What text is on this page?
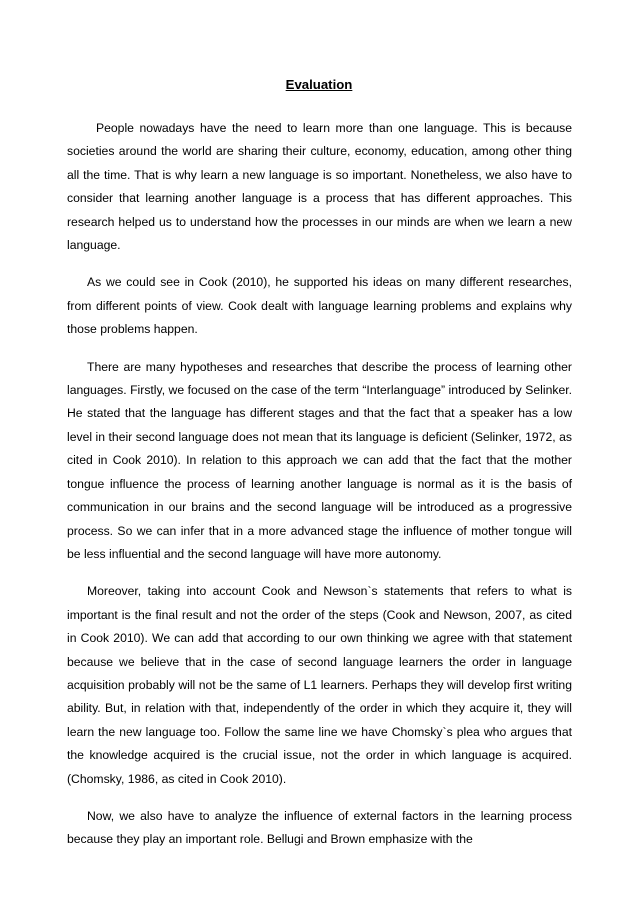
Evaluation

People nowadays have the need to learn more than one language. This is because societies around the world are sharing their culture, economy, education, among other thing all the time. That is why learn a new language is so important. Nonetheless, we also have to consider that learning another language is a process that has different approaches. This research helped us to understand how the processes in our minds are when we learn a new language.

As we could see in Cook (2010), he supported his ideas on many different researches, from different points of view. Cook dealt with language learning problems and explains why those problems happen.

There are many hypotheses and researches that describe the process of learning other languages. Firstly, we focused on the case of the term “Interlanguage” introduced by Selinker. He stated that the language has different stages and that the fact that a speaker has a low level in their second language does not mean that its language is deficient (Selinker, 1972, as cited in Cook 2010). In relation to this approach we can add that the fact that the mother tongue influence the process of learning another language is normal as it is the basis of communication in our brains and the second language will be introduced as a progressive process. So we can infer that in a more advanced stage the influence of mother tongue will be less influential and the second language will have more autonomy.

Moreover, taking into account Cook and Newson`s statements that refers to what is important is the final result and not the order of the steps (Cook and Newson, 2007, as cited in Cook 2010). We can add that according to our own thinking we agree with that statement because we believe that in the case of second language learners the order in language acquisition probably will not be the same of L1 learners. Perhaps they will develop first writing ability. But, in relation with that, independently of the order in which they acquire it, they will learn the new language too. Follow the same line we have Chomsky`s plea who argues that the knowledge acquired is the crucial issue, not the order in which language is acquired. (Chomsky, 1986, as cited in Cook 2010).

Now, we also have to analyze the influence of external factors in the learning process because they play an important role. Bellugi and Brown emphasize with the
